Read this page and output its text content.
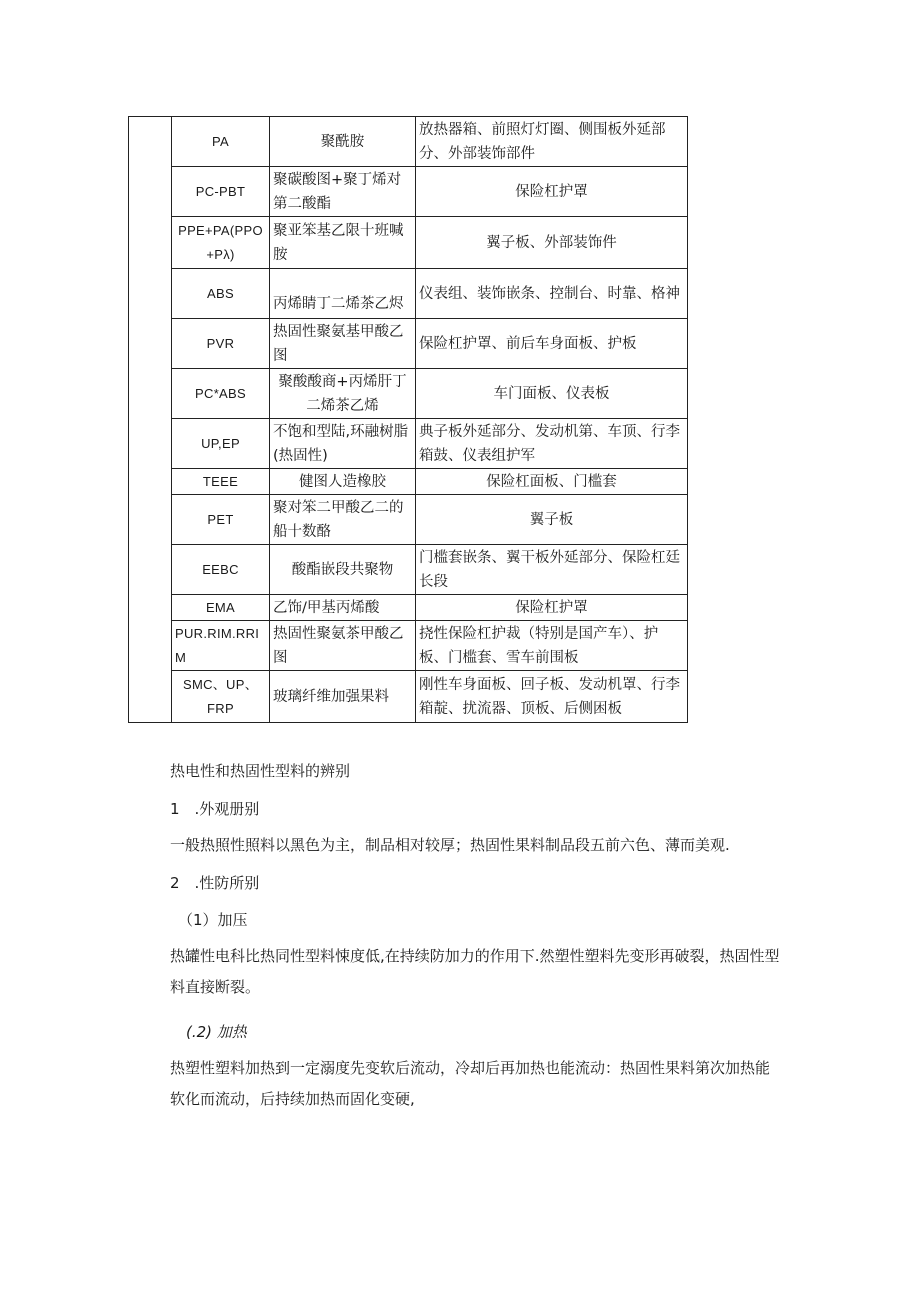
	PA	聚酰胺	放热器箱、前照灯灯圈、侧围板外延部分、外部装饰部件
	PC-PBT	聚碳酸图+聚丁烯对第二酸酯	保险杠护罩
	PPE+PA(PPO+Pλ)	聚亚笨基乙限十班喊胺	翼子板、外部装饰件
	ABS	丙烯睛丁二烯茶乙烬	仪表组、装饰嵌条、控制台、时靠、格神
	PVR	热固性聚氨基甲酸乙图	保险杠护罩、前后车身面板、护板
	PC*ABS	聚酸酸商+丙烯肝丁二烯茶乙烯	车门面板、仪表板
	UP,EP	不饱和型陆,环融树脂(热固性)	典子板外延部分、发动机第、车顶、行李箱鼓、仪表组护军
	TEEE	健图人造橡胶	保险杠面板、门槛套
	PET	聚对笨二甲酸乙二的船十数酪	翼子板
	EEBC	酸酯嵌段共聚物	门槛套嵌条、翼干板外延部分、保险杠廷长段
	EMA	乙饰/甲基丙烯酸	保险杠护罩
	PUR.RIM.RRIM	热固性聚氨茶甲酸乙图	挠性保险杠护裁（特别是国产车）、护板、门槛套、雪车前围板
	SMC、UP、FRP	玻璃纤维加强果料	刚性车身面板、回子板、发动机罩、行李箱靛、扰流器、顶板、后侧困板

热电性和热固性型料的辨别

1　.外观册别

一般热照性照料以黑色为主，制品相对较厚；热固性果料制品段五前六色、薄而美观.

2　.性防所别

（1）加压

热罐性电科比热同性型料悚度低,在持续防加力的作用下.然塑性塑料先变形再破裂，热固性型料直接断裂。

(.2) 加热

热塑性塑料加热到一定溺度先变软后流动，冷却后再加热也能流动：热固性果料第次加热能软化而流动，后持续加热而固化变硬,
